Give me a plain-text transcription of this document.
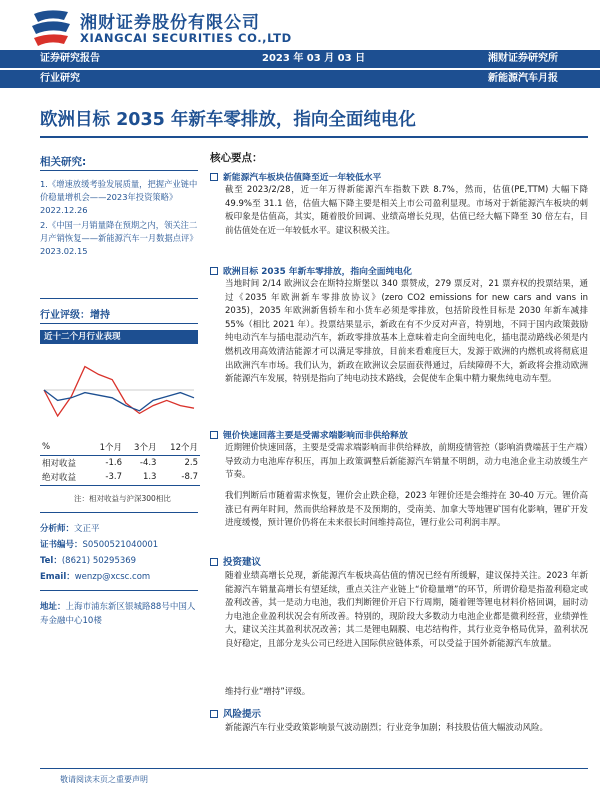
湘财证券股份有限公司
XIANGCAI SECURITIES CO.,LTD
证券研究报告	2023 年 03 月 03 日	湘财证券研究所
行业研究	新能源汽车月报
欧洲目标 2035 年新车零排放，指向全面纯电化
相关研究:

1.《增速放缓考验发展质量，把握产业链中价稳量增机会——2023年投资策略》2022.12.26

2.《中国一月销量降在预期之内，领关注二月产销恢复——新能源汽车一月数据点评》2023.02.15

行业评级：增持
近十二个月行业表现
%	1个月	3个月	12个月
相对收益	-1.6	-4.3	2.5
绝对收益	-3.7	1.3	-8.7
注：相对收益与沪深300相比
分析师：文正平
证书编号：S0500521040001
Tel：(8621) 50295369
Email：wenzp@xcsc.com
地址：上海市浦东新区银城路88号中国人寿金融中心10楼
核心要点：
新能源汽车板块估值降至近一年较低水平
截至 2023/2/28，近一年万得新能源汽车指数下跌 8.7%，然而，估值(PE,TTM) 大幅下降 49.9%至 31.1 倍，估值大幅下降主要是相关上市公司盈利显现。市场对于新能源汽车板块的刺板印象是估值高，其实，随着股价回调、业绩高增长兑现，估值已经大幅下降至 30 倍左右，目前估值处在近一年较低水平。建议积极关注。
欧洲目标 2035 年新车零排放，指向全面纯电化
当地时间 2/14 欧洲议会在斯特拉斯堡以 340 票赞成，279 票反对，21 票弃权的投票结果，通过《2035 年欧洲新车零排放协议》(zero CO2 emissions for new cars and vans in 2035)，2035 年欧洲新售轿车和小货车必须是零排放，包括阶段性目标是 2030 年新车减排 55%（相比 2021 年）。投票结果显示，新政在有不少反对声音，特别地，不同于国内政策鼓励纯电动汽车与插电混动汽车，新政零排放基本上意味着走向全面纯电化，插电混动路线必须是内燃机改用高效清洁能源才可以满足零排放，目前来看难度巨大，发源于欧洲的内燃机或将彻底退出欧洲汽车市场。我们认为，新政在欧洲议会层面获得通过，后续障碍不大，新政将会推动欧洲新能源汽车发展，特别是指向了纯电动技术路线，会促使车企集中精力聚焦纯电动车型。
锂价快速回落主要是受需求端影响而非供给释放
近期锂价快速回落，主要是受需求端影响而非供给释放，前期疫情管控（影响消费端甚于生产端）导致动力电池库存积压，再加上政策调整后新能源汽车销量不明朗，动力电池企业主动放缓生产节奏。
我们判断后市随着需求恢复，锂价会止跌企稳，2023 年锂价还是会维持在 30-40 万元。锂价高涨已有两年时间，然而供给释放是不及预期的，受南美、加拿大等地锂矿国有化影响，锂矿开发进度缓慢，预计锂价仍将在未来很长时间维持高位，锂行业公司利润丰厚。
投资建议
随着业绩高增长兑现，新能源汽车板块高估值的情况已经有所缓解，建议保持关注。2023 年新能源汽车销量高增长有望延续，重点关注产业链上“价稳量增”的环节，所谓价稳是指盈利稳定或盈利改善，其一是动力电池，我们判断锂价开启下行周期，随着锂等锂电材料价格回调，届时动力电池企业盈利状况会有所改善。特别的，现阶段大多数动力电池企业都是微利经营，业绩弹性大，建议关注其盈利状况改善；其二是锂电隔膜、电芯结构件，其行业竞争格局优异，盈利状况良好稳定，且部分龙头公司已经进入国际供应链体系，可以受益于国外新能源汽车放量。
维持行业“增持”评级。
风险提示
新能源汽车行业受政策影响景气波动剧烈；行业竞争加剧；科技股估值大幅波动风险。
敬请阅读末页之重要声明
